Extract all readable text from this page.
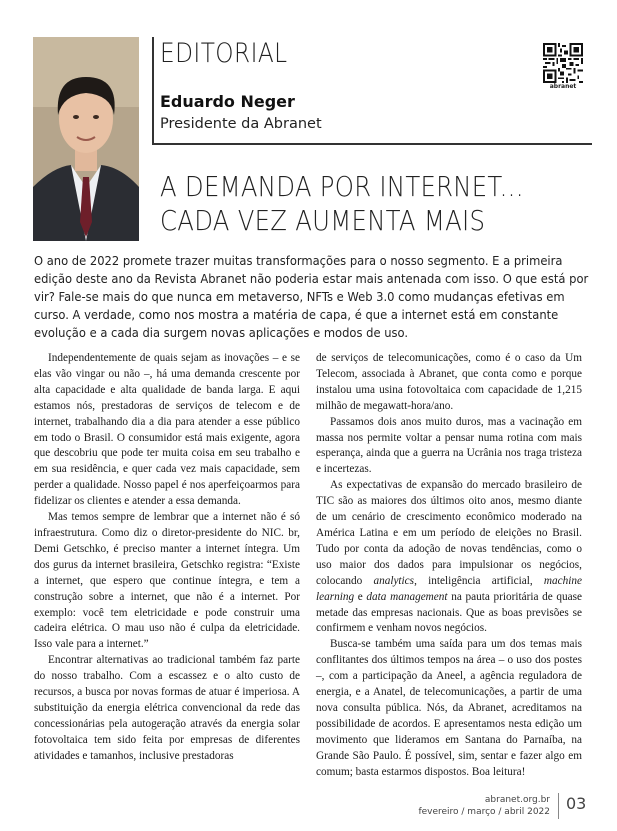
EDITORIAL
Eduardo Neger
Presidente da Abranet
abranet
A DEMANDA POR INTERNET...
CADA VEZ AUMENTA MAIS
O ano de 2022 promete trazer muitas transformações para o nosso segmento. E a primeira edição deste ano da Revista Abranet não poderia estar mais antenada com isso. O que está por vir? Fale-se mais do que nunca em metaverso, NFTs e Web 3.0 como mudanças efetivas em curso. A verdade, como nos mostra a matéria de capa, é que a internet está em constante evolução e a cada dia surgem novas aplicações e modos de uso.

Independentemente de quais sejam as inovações – e se elas vão vingar ou não –, há uma demanda crescente por alta capacidade e alta qualidade de banda larga. E aqui estamos nós, prestadoras de serviços de telecom e de internet, trabalhando dia a dia para atender a esse público em todo o Brasil. O consumidor está mais exigente, agora que descobriu que pode ter muita coisa em seu trabalho e em sua residência, e quer cada vez mais capacidade, sem perder a qualidade. Nosso papel é nos aperfeiçoarmos para fidelizar os clientes e atender a essa demanda.

Mas temos sempre de lembrar que a internet não é só infraestrutura. Como diz o diretor-presidente do NIC. br, Demi Getschko, é preciso manter a internet íntegra. Um dos gurus da internet brasileira, Getschko registra: “Existe a internet, que espero que continue íntegra, e tem a construção sobre a internet, que não é a internet. Por exemplo: você tem eletricidade e pode construir uma cadeira elétrica. O mau uso não é culpa da eletricidade. Isso vale para a internet.”

Encontrar alternativas ao tradicional também faz parte do nosso trabalho. Com a escassez e o alto custo de recursos, a busca por novas formas de atuar é imperiosa. A substituição da energia elétrica convencional da rede das concessionárias pela autogeração através da energia solar fotovoltaica tem sido feita por empresas de diferentes atividades e tamanhos, inclusive prestadoras

de serviços de telecomunicações, como é o caso da Um Telecom, associada à Abranet, que conta como e porque instalou uma usina fotovoltaica com capacidade de 1,215 milhão de megawatt-hora/ano.

Passamos dois anos muito duros, mas a vacinação em massa nos permite voltar a pensar numa rotina com mais esperança, ainda que a guerra na Ucrânia nos traga tristeza e incertezas.

As expectativas de expansão do mercado brasileiro de TIC são as maiores dos últimos oito anos, mesmo diante de um cenário de crescimento econômico moderado na América Latina e em um período de eleições no Brasil. Tudo por conta da adoção de novas tendências, como o uso maior dos dados para impulsionar os negócios, colocando analytics, inteligência artificial, machine learning e data management na pauta prioritária de quase metade das empresas nacionais. Que as boas previsões se confirmem e venham novos negócios.

Busca-se também uma saída para um dos temas mais conflitantes dos últimos tempos na área – o uso dos postes –, com a participação da Aneel, a agência reguladora de energia, e a Anatel, de telecomunicações, a partir de uma nova consulta pública. Nós, da Abranet, acreditamos na possibilidade de acordos. E apresentamos nesta edição um movimento que lideramos em Santana do Parnaíba, na Grande São Paulo. É possível, sim, sentar e fazer algo em comum; basta estarmos dispostos. Boa leitura!

abranet.org.br
fevereiro / março / abril 2022 03
